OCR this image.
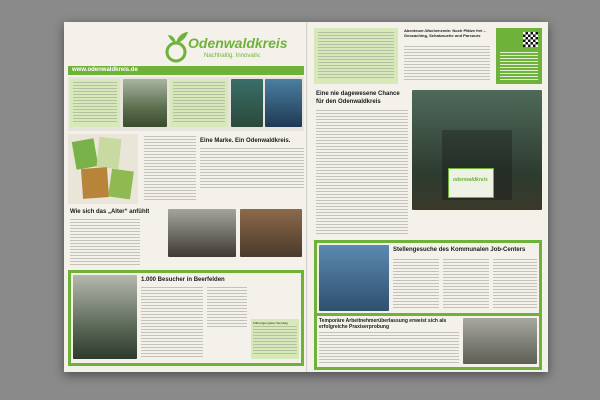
Odenwaldkreis
Nachhaltig. Innovativ.
www.odenwaldkreis.de
Eine Marke. Ein Odenwaldkreis.
Wie sich das „Alter“ anfühlt
1.000 Besucher in Beerfelden
Führungen jeden Sonntag
Abenteuer-Wochenende: Noch Plätze frei – Geocaching, Schatzsuche und Parcours
Eine nie dagewesene Chance für den Odenwaldkreis
odenwaldkreis
Stellengesuche des Kommunalen Job-Centers
Temporäre Arbeitnehmerüberlassung erweist sich als erfolgreiche Praxiserprobung
